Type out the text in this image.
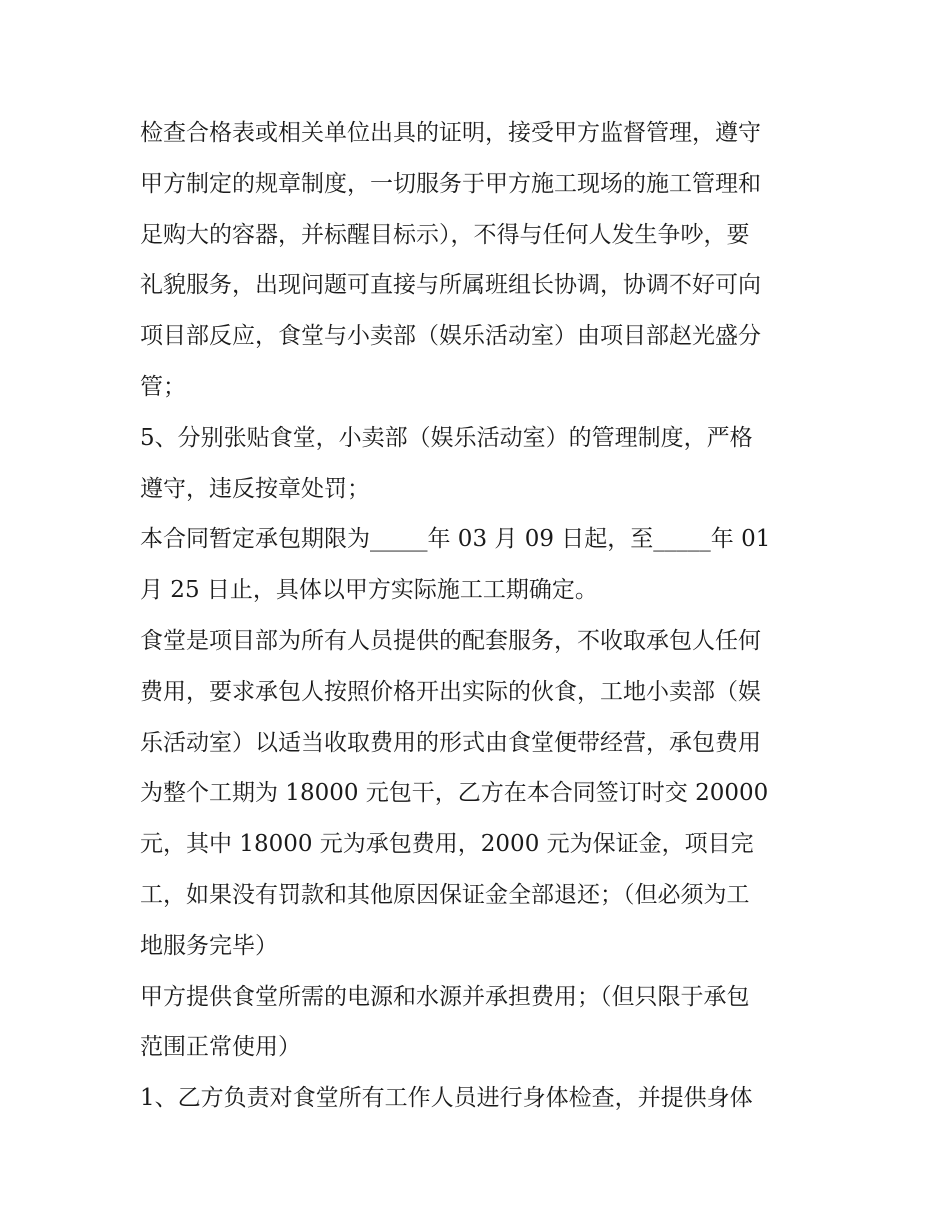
检查合格表或相关单位出具的证明，接受甲方监督管理，遵守
甲方制定的规章制度，一切服务于甲方施工现场的施工管理和
足购大的容器，并标醒目标示），不得与任何人发生争吵，要
礼貌服务，出现问题可直接与所属班组长协调，协调不好可向
项目部反应，食堂与小卖部（娱乐活动室）由项目部赵光盛分
管；
5、分别张贴食堂，小卖部（娱乐活动室）的管理制度，严格
遵守，违反按章处罚；
本合同暂定承包期限为_____年 03 月 09 日起，至_____年 01
月 25 日止，具体以甲方实际施工工期确定。
食堂是项目部为所有人员提供的配套服务，不收取承包人任何
费用，要求承包人按照价格开出实际的伙食，工地小卖部（娱
乐活动室）以适当收取费用的形式由食堂便带经营，承包费用
为整个工期为 18000 元包干，乙方在本合同签订时交 20000
元，其中 18000 元为承包费用，2000 元为保证金，项目完
工，如果没有罚款和其他原因保证金全部退还；（但必须为工
地服务完毕）
甲方提供食堂所需的电源和水源并承担费用；（但只限于承包
范围正常使用）
1、乙方负责对食堂所有工作人员进行身体检查，并提供身体
